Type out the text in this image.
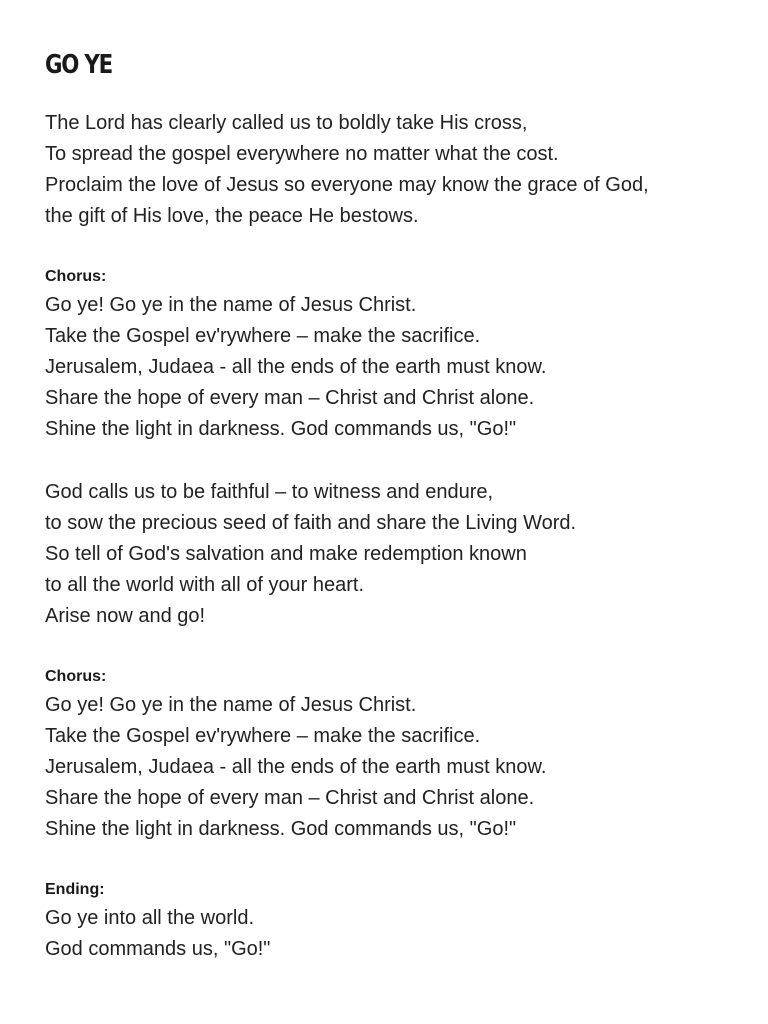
GO YE
The Lord has clearly called us to boldly take His cross,
To spread the gospel everywhere no matter what the cost.
Proclaim the love of Jesus so everyone may know the grace of God,
the gift of His love, the peace He bestows.
Chorus:
Go ye! Go ye in the name of Jesus Christ.
Take the Gospel ev'rywhere – make the sacrifice.
Jerusalem, Judaea - all the ends of the earth must know.
Share the hope of every man – Christ and Christ alone.
Shine the light in darkness. God commands us, "Go!"
God calls us to be faithful – to witness and endure,
to sow the precious seed of faith and share the Living Word.
So tell of God's salvation and make redemption known
to all the world with all of your heart.
Arise now and go!
Chorus:
Go ye! Go ye in the name of Jesus Christ.
Take the Gospel ev'rywhere – make the sacrifice.
Jerusalem, Judaea - all the ends of the earth must know.
Share the hope of every man – Christ and Christ alone.
Shine the light in darkness. God commands us, "Go!"
Ending:
Go ye into all the world.
God commands us, "Go!"
